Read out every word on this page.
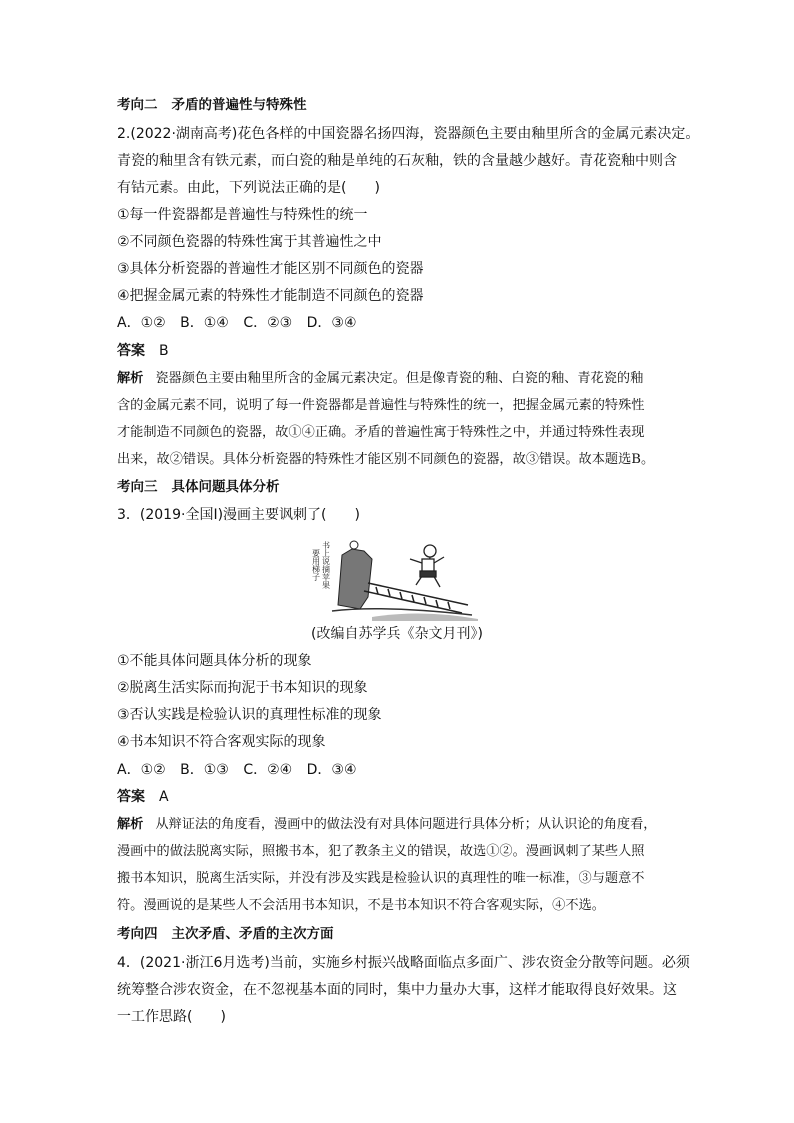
考向二 矛盾的普遍性与特殊性
2.(2022·湖南高考)花色各样的中国瓷器名扬四海，瓷器颜色主要由釉里所含的金属元素决定。
青瓷的釉里含有铁元素，而白瓷的釉是单纯的石灰釉，铁的含量越少越好。青花瓷釉中则含
有钴元素。由此，下列说法正确的是(　　)
①每一件瓷器都是普遍性与特殊性的统一
②不同颜色瓷器的特殊性寓于其普遍性之中
③具体分析瓷器的普遍性才能区别不同颜色的瓷器
④把握金属元素的特殊性才能制造不同颜色的瓷器
A．①② B．①④ C．②③ D．③④
答案 B
解析 瓷器颜色主要由釉里所含的金属元素决定。但是像青瓷的釉、白瓷的釉、青花瓷的釉
含的金属元素不同，说明了每一件瓷器都是普遍性与特殊性的统一，把握金属元素的特殊性
才能制造不同颜色的瓷器，故①④正确。矛盾的普遍性寓于特殊性之中，并通过特殊性表现
出来，故②错误。具体分析瓷器的特殊性才能区别不同颜色的瓷器，故③错误。故本题选B。
考向三 具体问题具体分析
3．(2019·全国Ⅰ)漫画主要讽刺了(　　)
书上说摘苹果
要用梯子
(改编自苏学兵《杂文月刊》)
①不能具体问题具体分析的现象
②脱离生活实际而拘泥于书本知识的现象
③否认实践是检验认识的真理性标准的现象
④书本知识不符合客观实际的现象
A．①② B．①③ C．②④ D．③④
答案 A
解析 从辩证法的角度看，漫画中的做法没有对具体问题进行具体分析；从认识论的角度看，
漫画中的做法脱离实际，照搬书本，犯了教条主义的错误，故选①②。漫画讽刺了某些人照
搬书本知识，脱离生活实际，并没有涉及实践是检验认识的真理性的唯一标准，③与题意不
符。漫画说的是某些人不会活用书本知识，不是书本知识不符合客观实际，④不选。
考向四 主次矛盾、矛盾的主次方面
4．(2021·浙江6月选考)当前，实施乡村振兴战略面临点多面广、涉农资金分散等问题。必须
统筹整合涉农资金，在不忽视基本面的同时，集中力量办大事，这样才能取得良好效果。这
一工作思路(　　)
